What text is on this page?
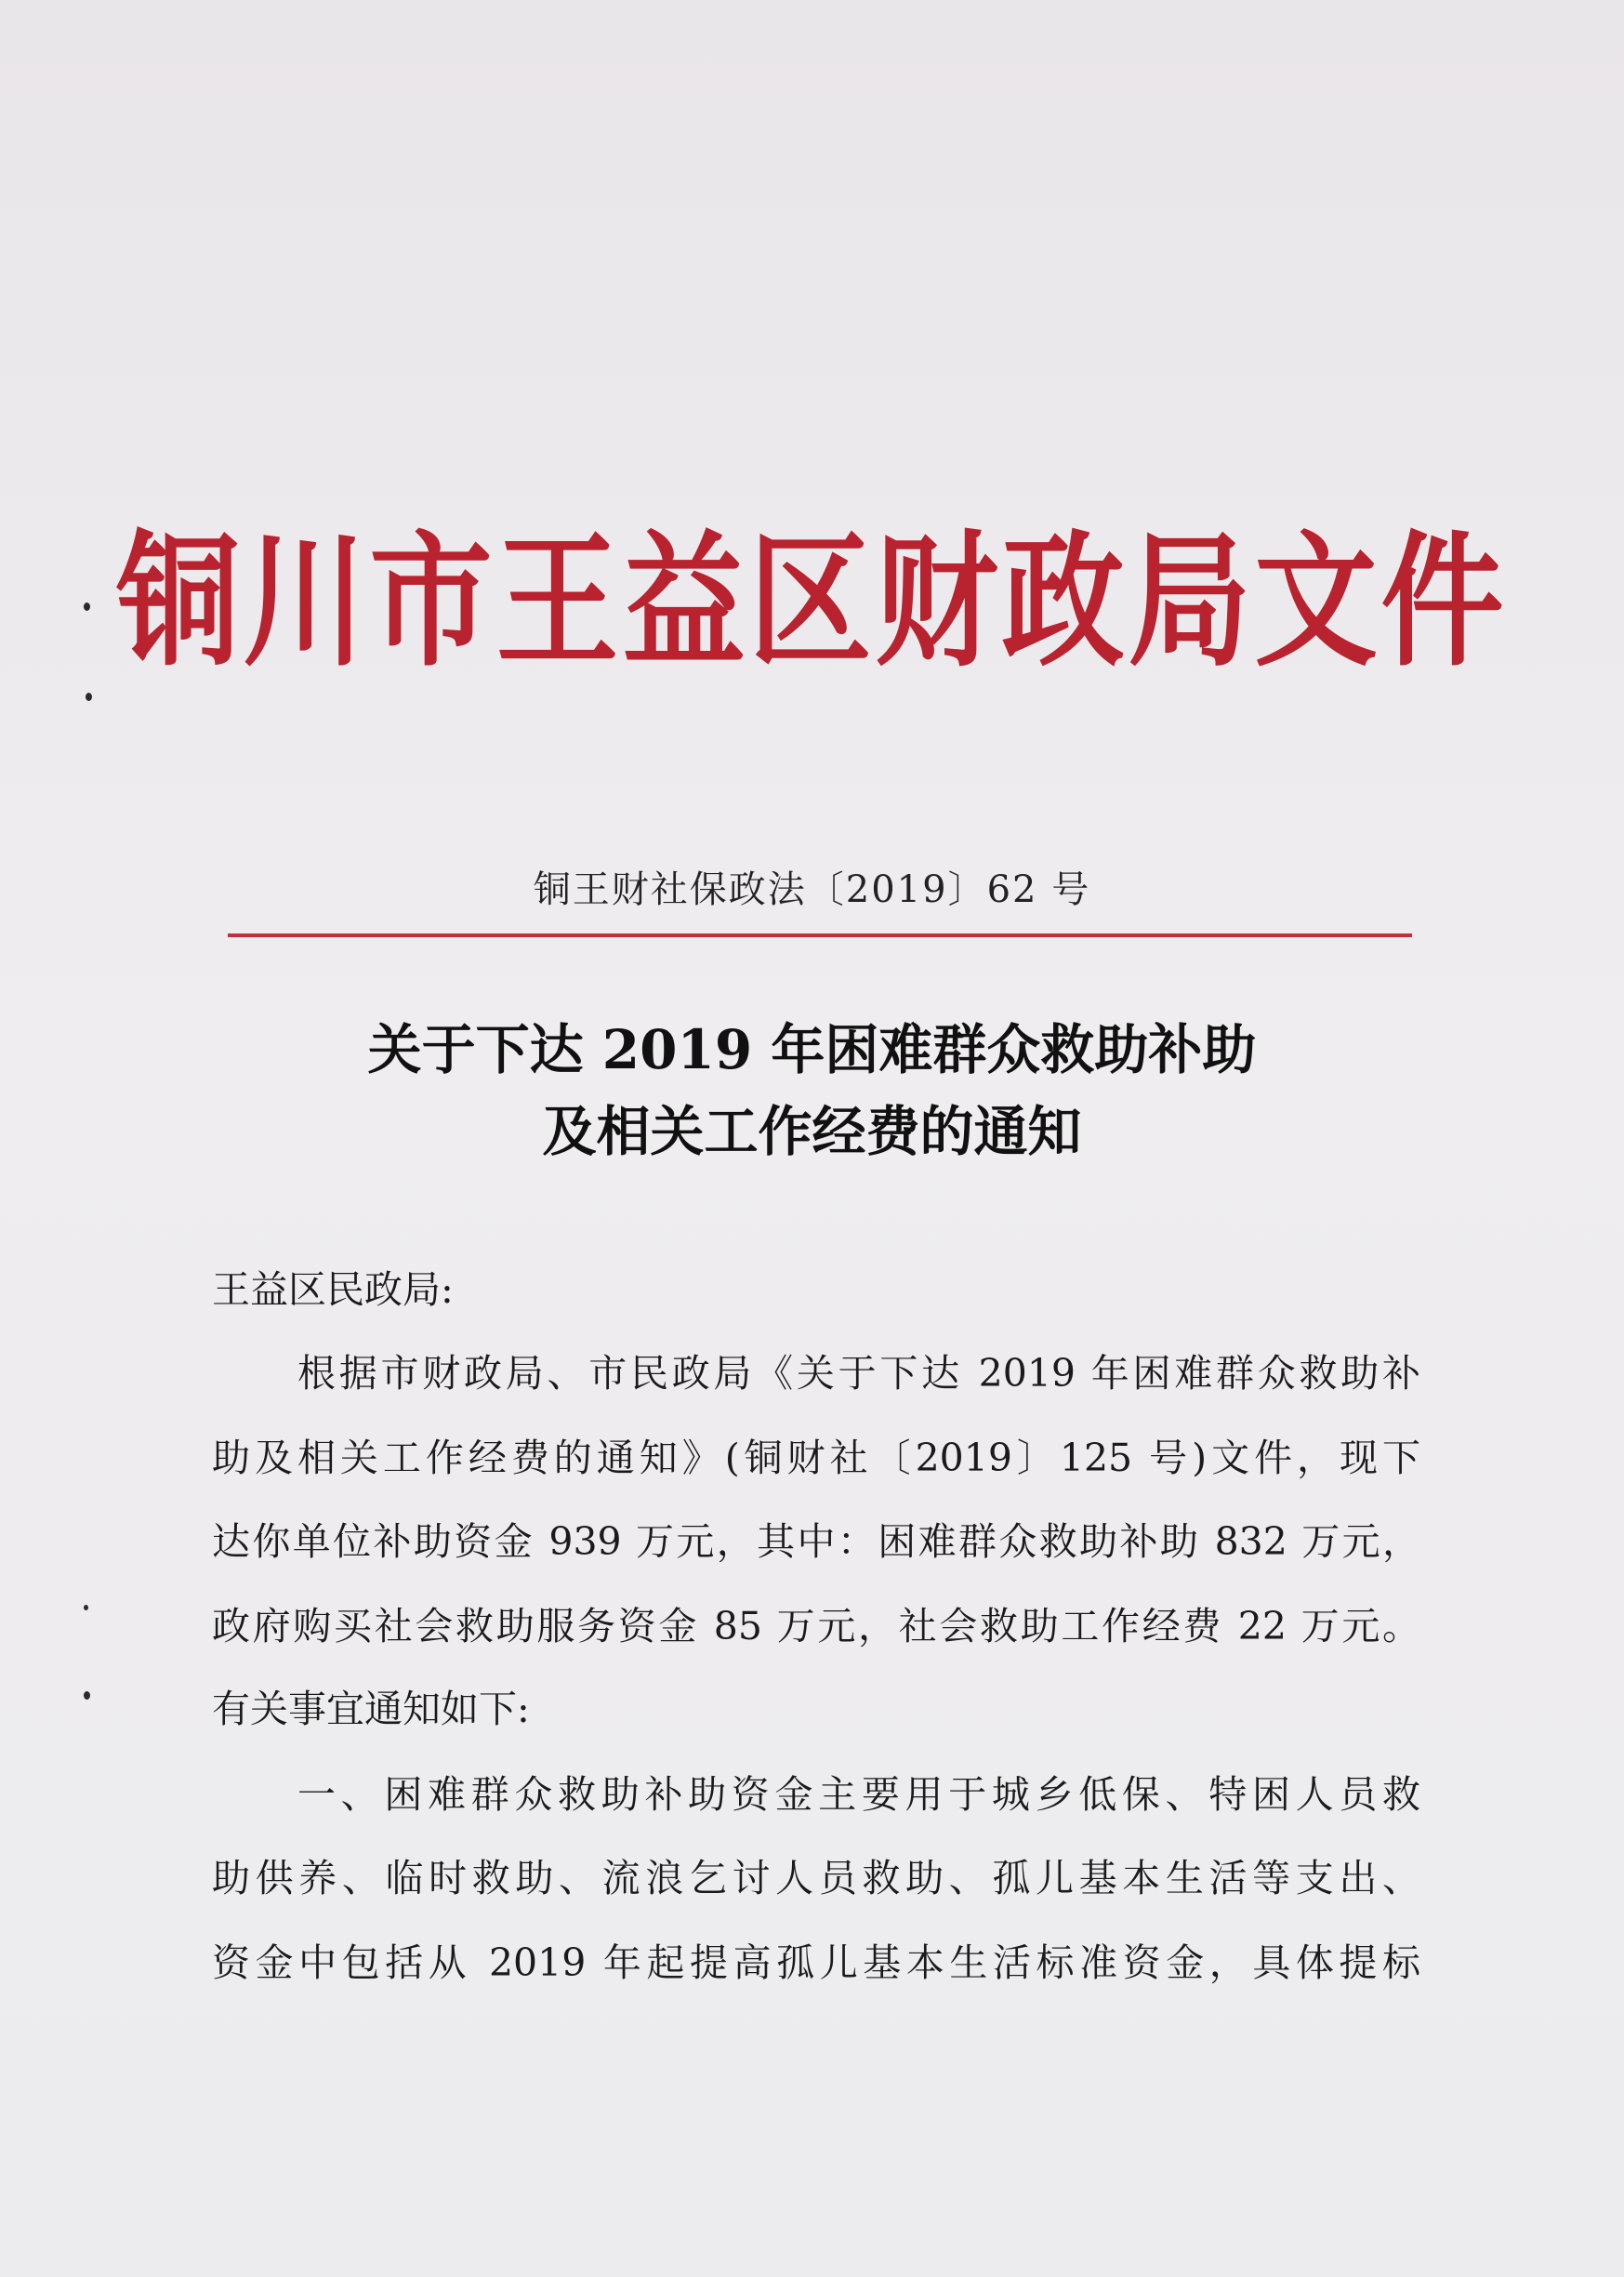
铜川市王益区财政局文件
铜王财社保政法〔2019〕62 号
关于下达 2019 年困难群众救助补助
及相关工作经费的通知
王益区民政局:
根据市财政局、市民政局《关于下达 2019 年困难群众救助补
助及相关工作经费的通知》(铜财社〔2019〕125 号)文件，现下
达你单位补助资金 939 万元，其中：困难群众救助补助 832 万元，
政府购买社会救助服务资金 85 万元，社会救助工作经费 22 万元。
有关事宜通知如下:
一、困难群众救助补助资金主要用于城乡低保、特困人员救
助供养、临时救助、流浪乞讨人员救助、孤儿基本生活等支出、
资金中包括从 2019 年起提高孤儿基本生活标准资金，具体提标
